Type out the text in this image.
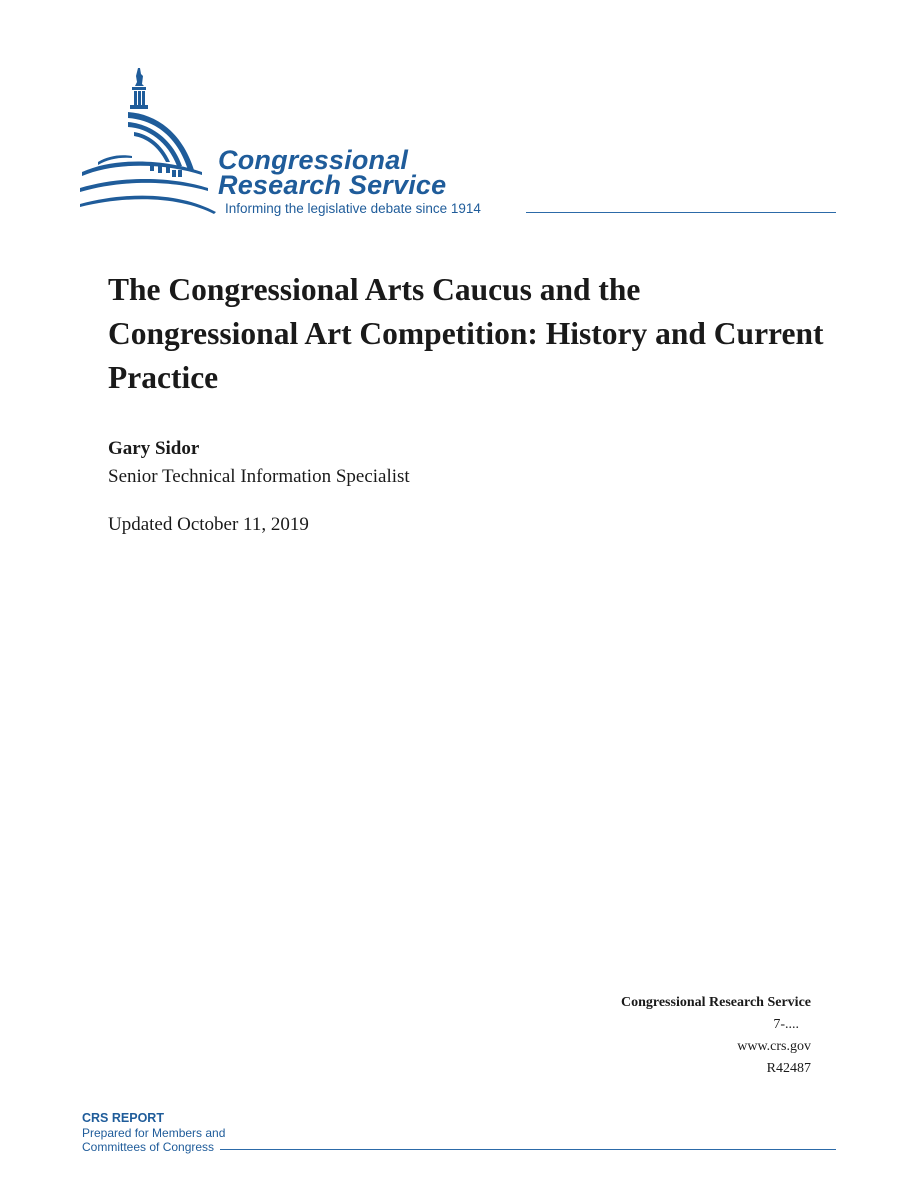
Congressional
Research Service
Informing the legislative debate since 1914
The Congressional Arts Caucus and the Congressional Art Competition: History and Current Practice
Gary Sidor
Senior Technical Information Specialist
Updated October 11, 2019
Congressional Research Service
7-....
www.crs.gov
R42487
CRS REPORT
Prepared for Members and
Committees of Congress
